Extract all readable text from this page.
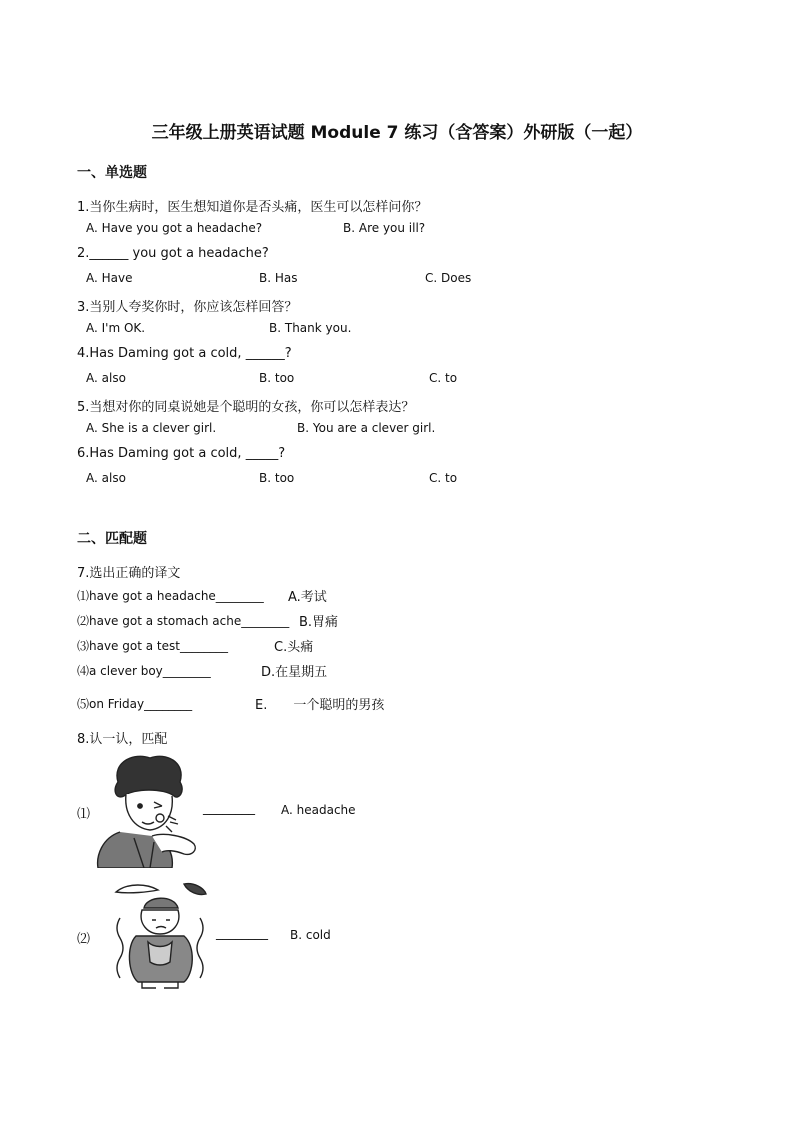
三年级上册英语试题 Module 7 练习（含答案）外研版（一起）
一、单选题
1.当你生病时，医生想知道你是否头痛，医生可以怎样问你？
A. Have you got a headache?	B. Are you ill?
2.______ you got a headache?
A. Have	B. Has	C. Does
3.当别人夸奖你时，你应该怎样回答？
A. I'm OK.	B. Thank you.
4.Has Daming got a cold, ______?
A. also	B. too	C. to
5.当想对你的同桌说她是个聪明的女孩，你可以怎样表达？
A. She is a clever girl.	B. You are a clever girl.
6.Has Daming got a cold, _____?
A. also	B. too	C. to
二、匹配题
7.选出正确的译文
⑴have got a headache________ A.考试
⑵have got a stomach ache________ B.胃痛
⑶have got a test________	C.头痛
⑷a clever boy________	D.在星期五
⑸on Friday________	E.　　一个聪明的男孩
8.认一认，匹配
⑴	________ A. headache
⑵	________ B. cold
